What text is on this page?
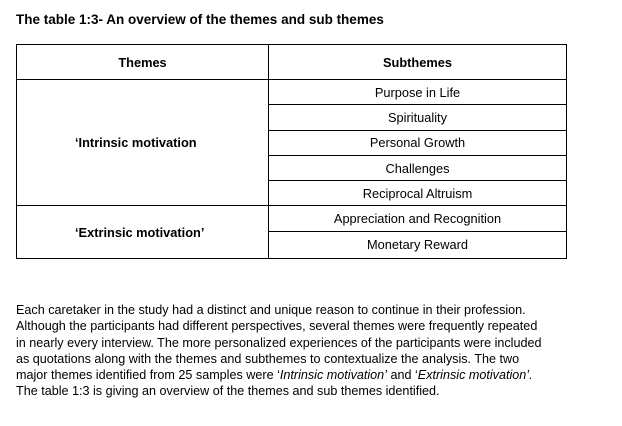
The table 1:3- An overview of the themes and sub themes
Themes	Subthemes
‘Intrinsic motivation	Purpose in Life
	Spirituality
	Personal Growth
	Challenges
	Reciprocal Altruism
‘Extrinsic motivation’	Appreciation and Recognition
	Monetary Reward
Each caretaker in the study had a distinct and unique reason to continue in their profession.
Although the participants had different perspectives, several themes were frequently repeated
in nearly every interview. The more personalized experiences of the participants were included
as quotations along with the themes and subthemes to contextualize the analysis. The two
major themes identified from 25 samples were ‘Intrinsic motivation’ and ‘Extrinsic motivation’.
The table 1:3 is giving an overview of the themes and sub themes identified.
